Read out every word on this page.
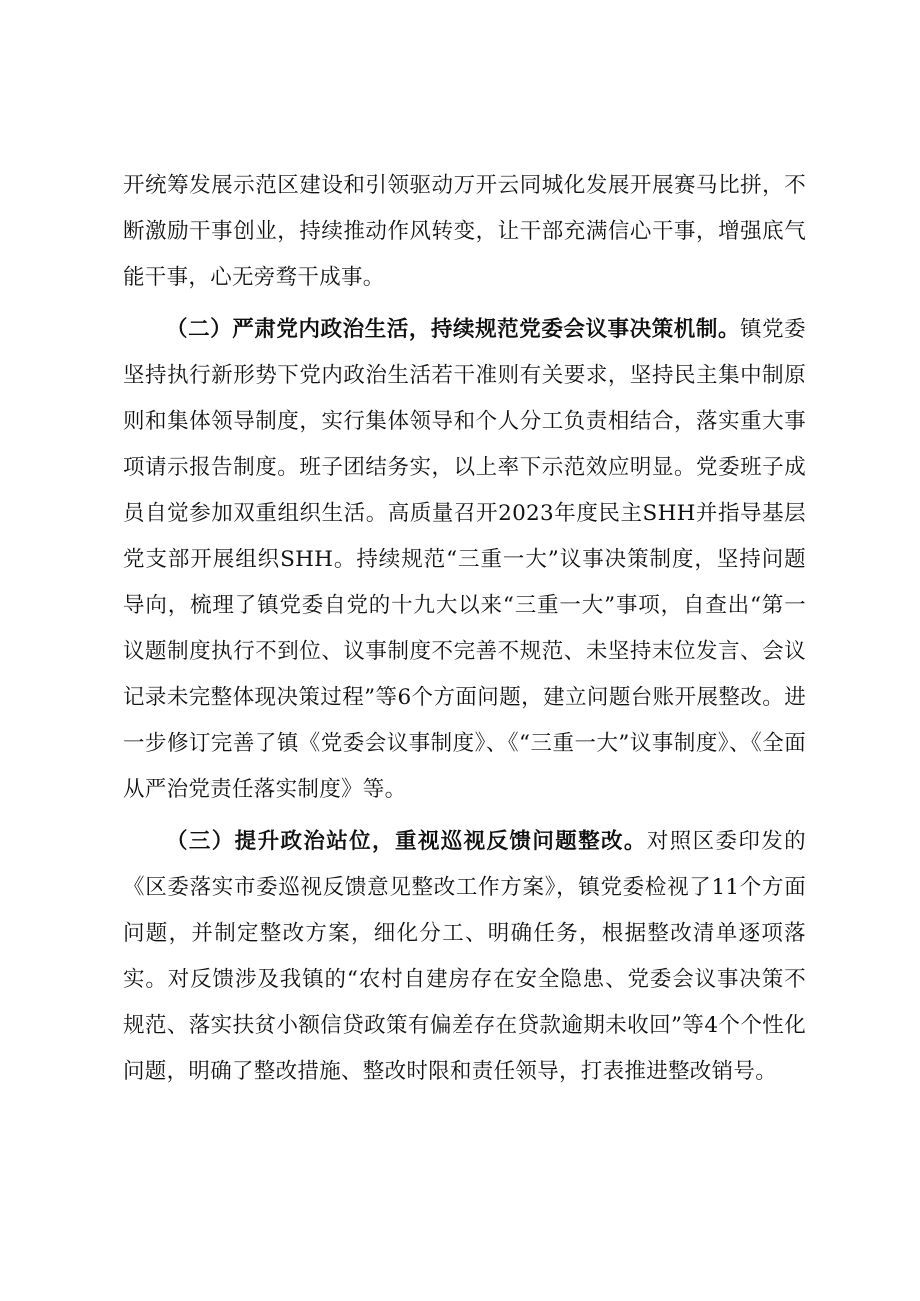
开统筹发展示范区建设和引领驱动万开云同城化发展开展赛马比拼，不断激励干事创业，持续推动作风转变，让干部充满信心干事，增强底气能干事，心无旁骛干成事。

（二）严肃党内政治生活，持续规范党委会议事决策机制。镇党委坚持执行新形势下党内政治生活若干准则有关要求，坚持民主集中制原则和集体领导制度，实行集体领导和个人分工负责相结合，落实重大事项请示报告制度。班子团结务实，以上率下示范效应明显。党委班子成员自觉参加双重组织生活。高质量召开2023年度民主SHH并指导基层党支部开展组织SHH。持续规范“三重一大”议事决策制度，坚持问题导向，梳理了镇党委自党的十九大以来“三重一大”事项，自查出“第一议题制度执行不到位、议事制度不完善不规范、未坚持末位发言、会议记录未完整体现决策过程”等6个方面问题，建立问题台账开展整改。进一步修订完善了镇《党委会议事制度》、《“三重一大”议事制度》、《全面从严治党责任落实制度》等。

（三）提升政治站位，重视巡视反馈问题整改。对照区委印发的《区委落实市委巡视反馈意见整改工作方案》，镇党委检视了11个方面问题，并制定整改方案，细化分工、明确任务，根据整改清单逐项落实。对反馈涉及我镇的“农村自建房存在安全隐患、党委会议事决策不规范、落实扶贫小额信贷政策有偏差存在贷款逾期未收回”等4个个性化问题，明确了整改措施、整改时限和责任领导，打表推进整改销号。
